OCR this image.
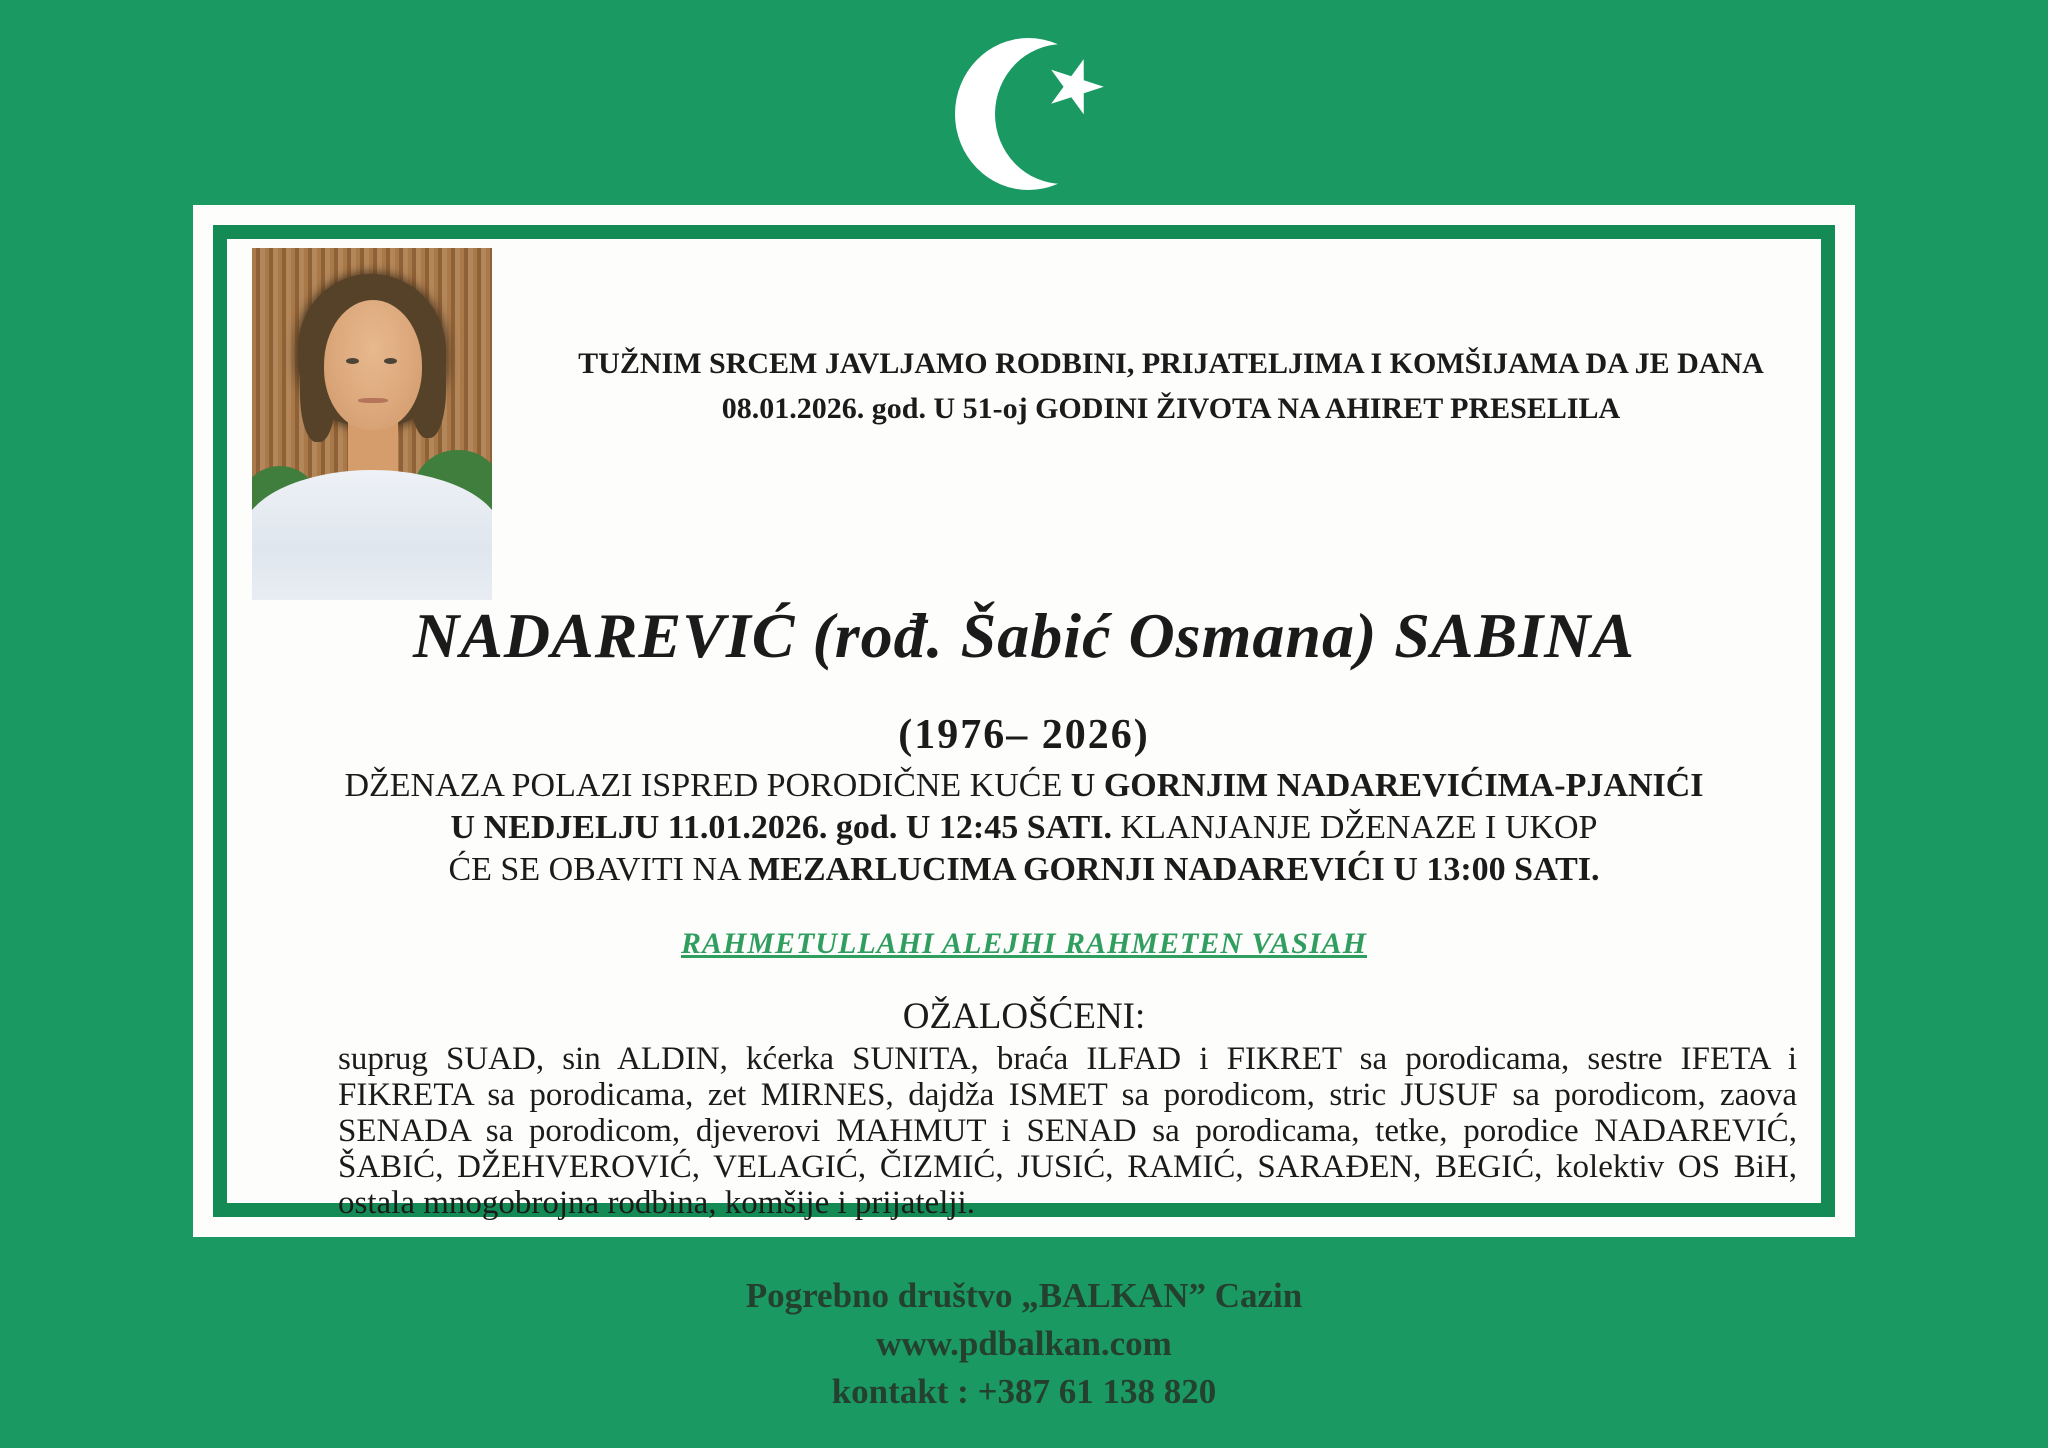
★
TUŽNIM SRCEM JAVLJAMO RODBINI, PRIJATELJIMA I KOMŠIJAMA DA JE DANA
08.01.2026. god. U 51-oj GODINI ŽIVOTA NA AHIRET PRESELILA
NADAREVIĆ (rođ. Šabić Osmana) SABINA
(1976– 2026)
DŽENAZA POLAZI ISPRED PORODIČNE KUĆE U GORNJIM NADAREVIĆIMA-PJANIĆI
U NEDJELJU 11.01.2026. god. U 12:45 SATI. KLANJANJE DŽENAZE I UKOP
ĆE SE OBAVITI NA MEZARLUCIMA GORNJI NADAREVIĆI U 13:00 SATI.
RAHMETULLAHI ALEJHI RAHMETEN VASIAH
OŽALOŠĆENI:
suprug SUAD, sin ALDIN, kćerka SUNITA, braća ILFAD i FIKRET sa porodicama, sestre IFETA i FIKRETA sa porodicama, zet MIRNES, dajdža ISMET sa porodicom, stric JUSUF sa porodicom, zaova SENADA sa porodicom, djeverovi MAHMUT i SENAD sa porodicama, tetke, porodice NADAREVIĆ, ŠABIĆ, DŽEHVEROVIĆ, VELAGIĆ, ČIZMIĆ, JUSIĆ, RAMIĆ, SARAĐEN, BEGIĆ, kolektiv OS BiH, ostala mnogobrojna rodbina, komšije i prijatelji.
Pogrebno društvo „BALKAN” Cazin
www.pdbalkan.com
kontakt : +387 61 138 820
